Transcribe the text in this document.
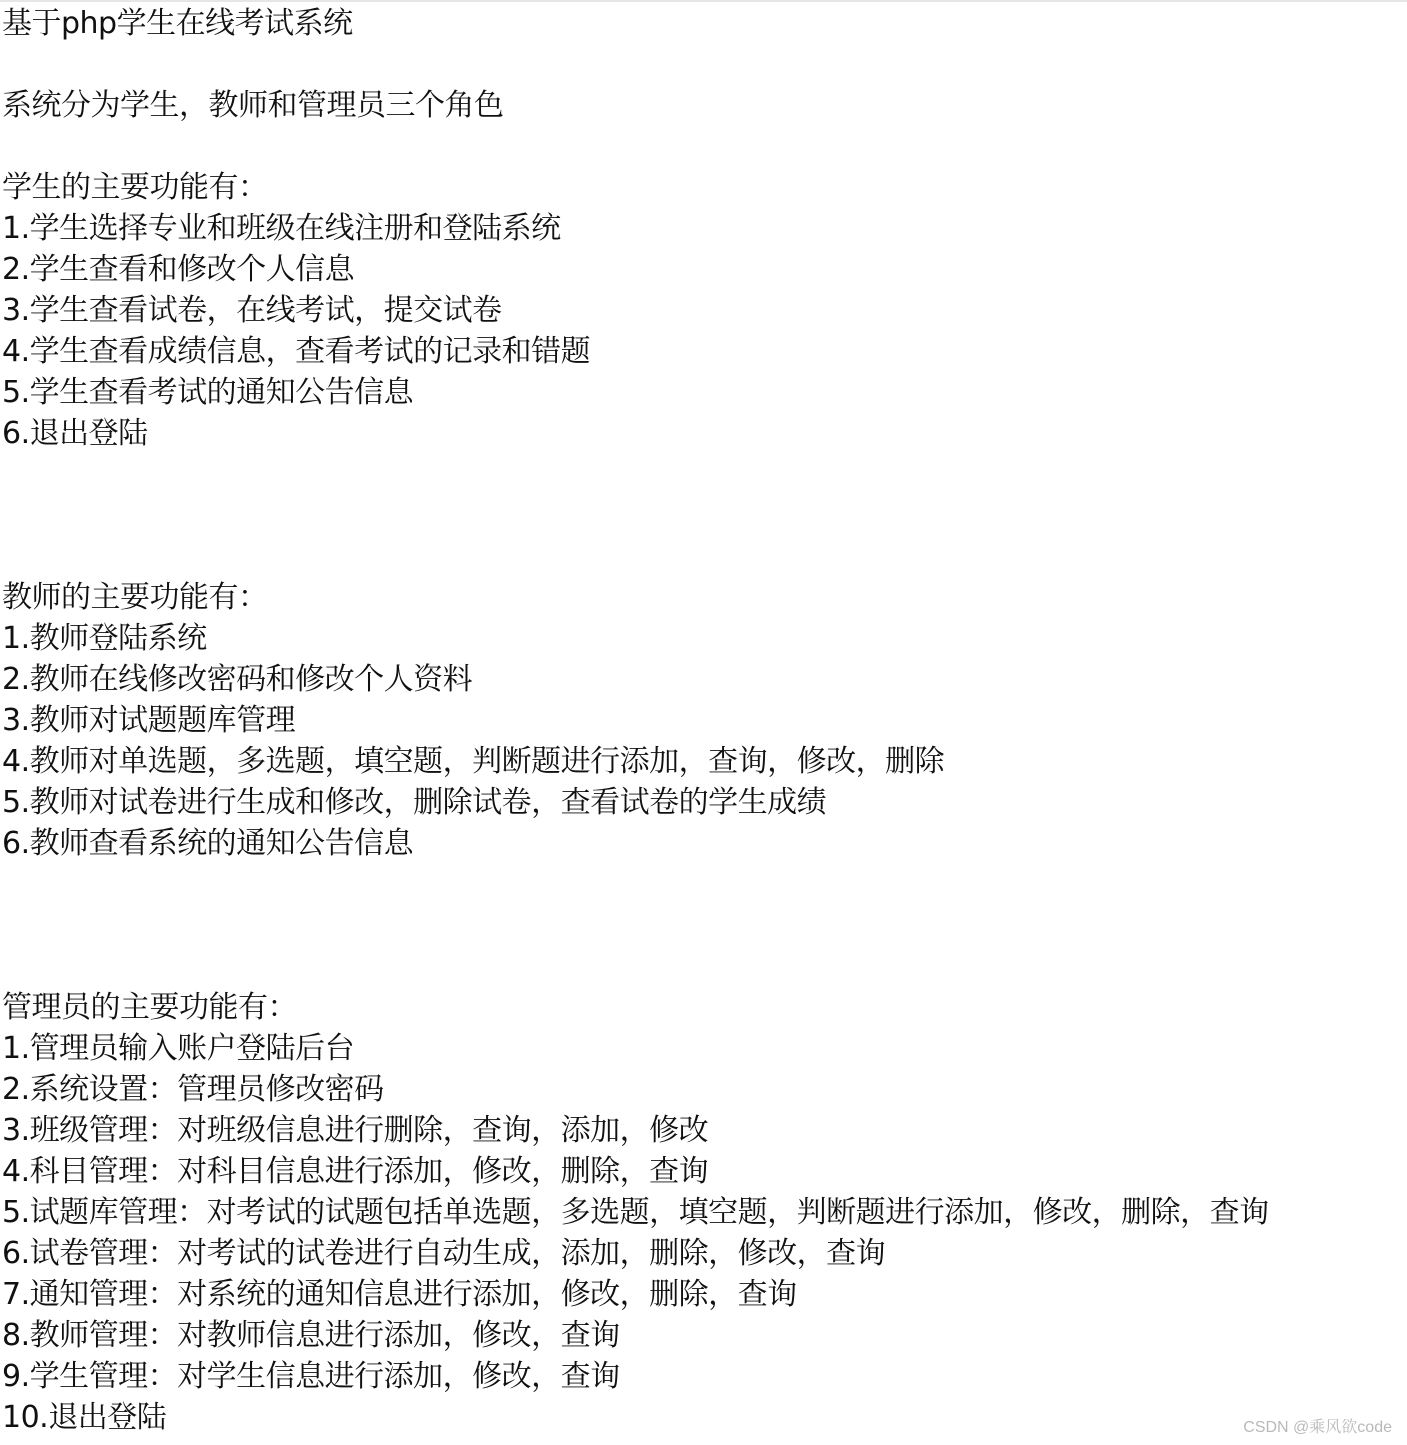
基于php学生在线考试系统
系统分为学生，教师和管理员三个角色
学生的主要功能有：
1.学生选择专业和班级在线注册和登陆系统
2.学生查看和修改个人信息
3.学生查看试卷，在线考试，提交试卷
4.学生查看成绩信息，查看考试的记录和错题
5.学生查看考试的通知公告信息
6.退出登陆
教师的主要功能有：
1.教师登陆系统
2.教师在线修改密码和修改个人资料
3.教师对试题题库管理
4.教师对单选题，多选题，填空题，判断题进行添加，查询，修改，删除
5.教师对试卷进行生成和修改，删除试卷，查看试卷的学生成绩
6.教师查看系统的通知公告信息
管理员的主要功能有：
1.管理员输入账户登陆后台
2.系统设置：管理员修改密码
3.班级管理：对班级信息进行删除，查询，添加，修改
4.科目管理：对科目信息进行添加，修改，删除，查询
5.试题库管理：对考试的试题包括单选题，多选题，填空题，判断题进行添加，修改，删除，查询
6.试卷管理：对考试的试卷进行自动生成，添加，删除，修改，查询
7.通知管理：对系统的通知信息进行添加，修改，删除，查询
8.教师管理：对教师信息进行添加，修改，查询
9.学生管理：对学生信息进行添加，修改，查询
10.退出登陆	CSDN @乘风欲code
